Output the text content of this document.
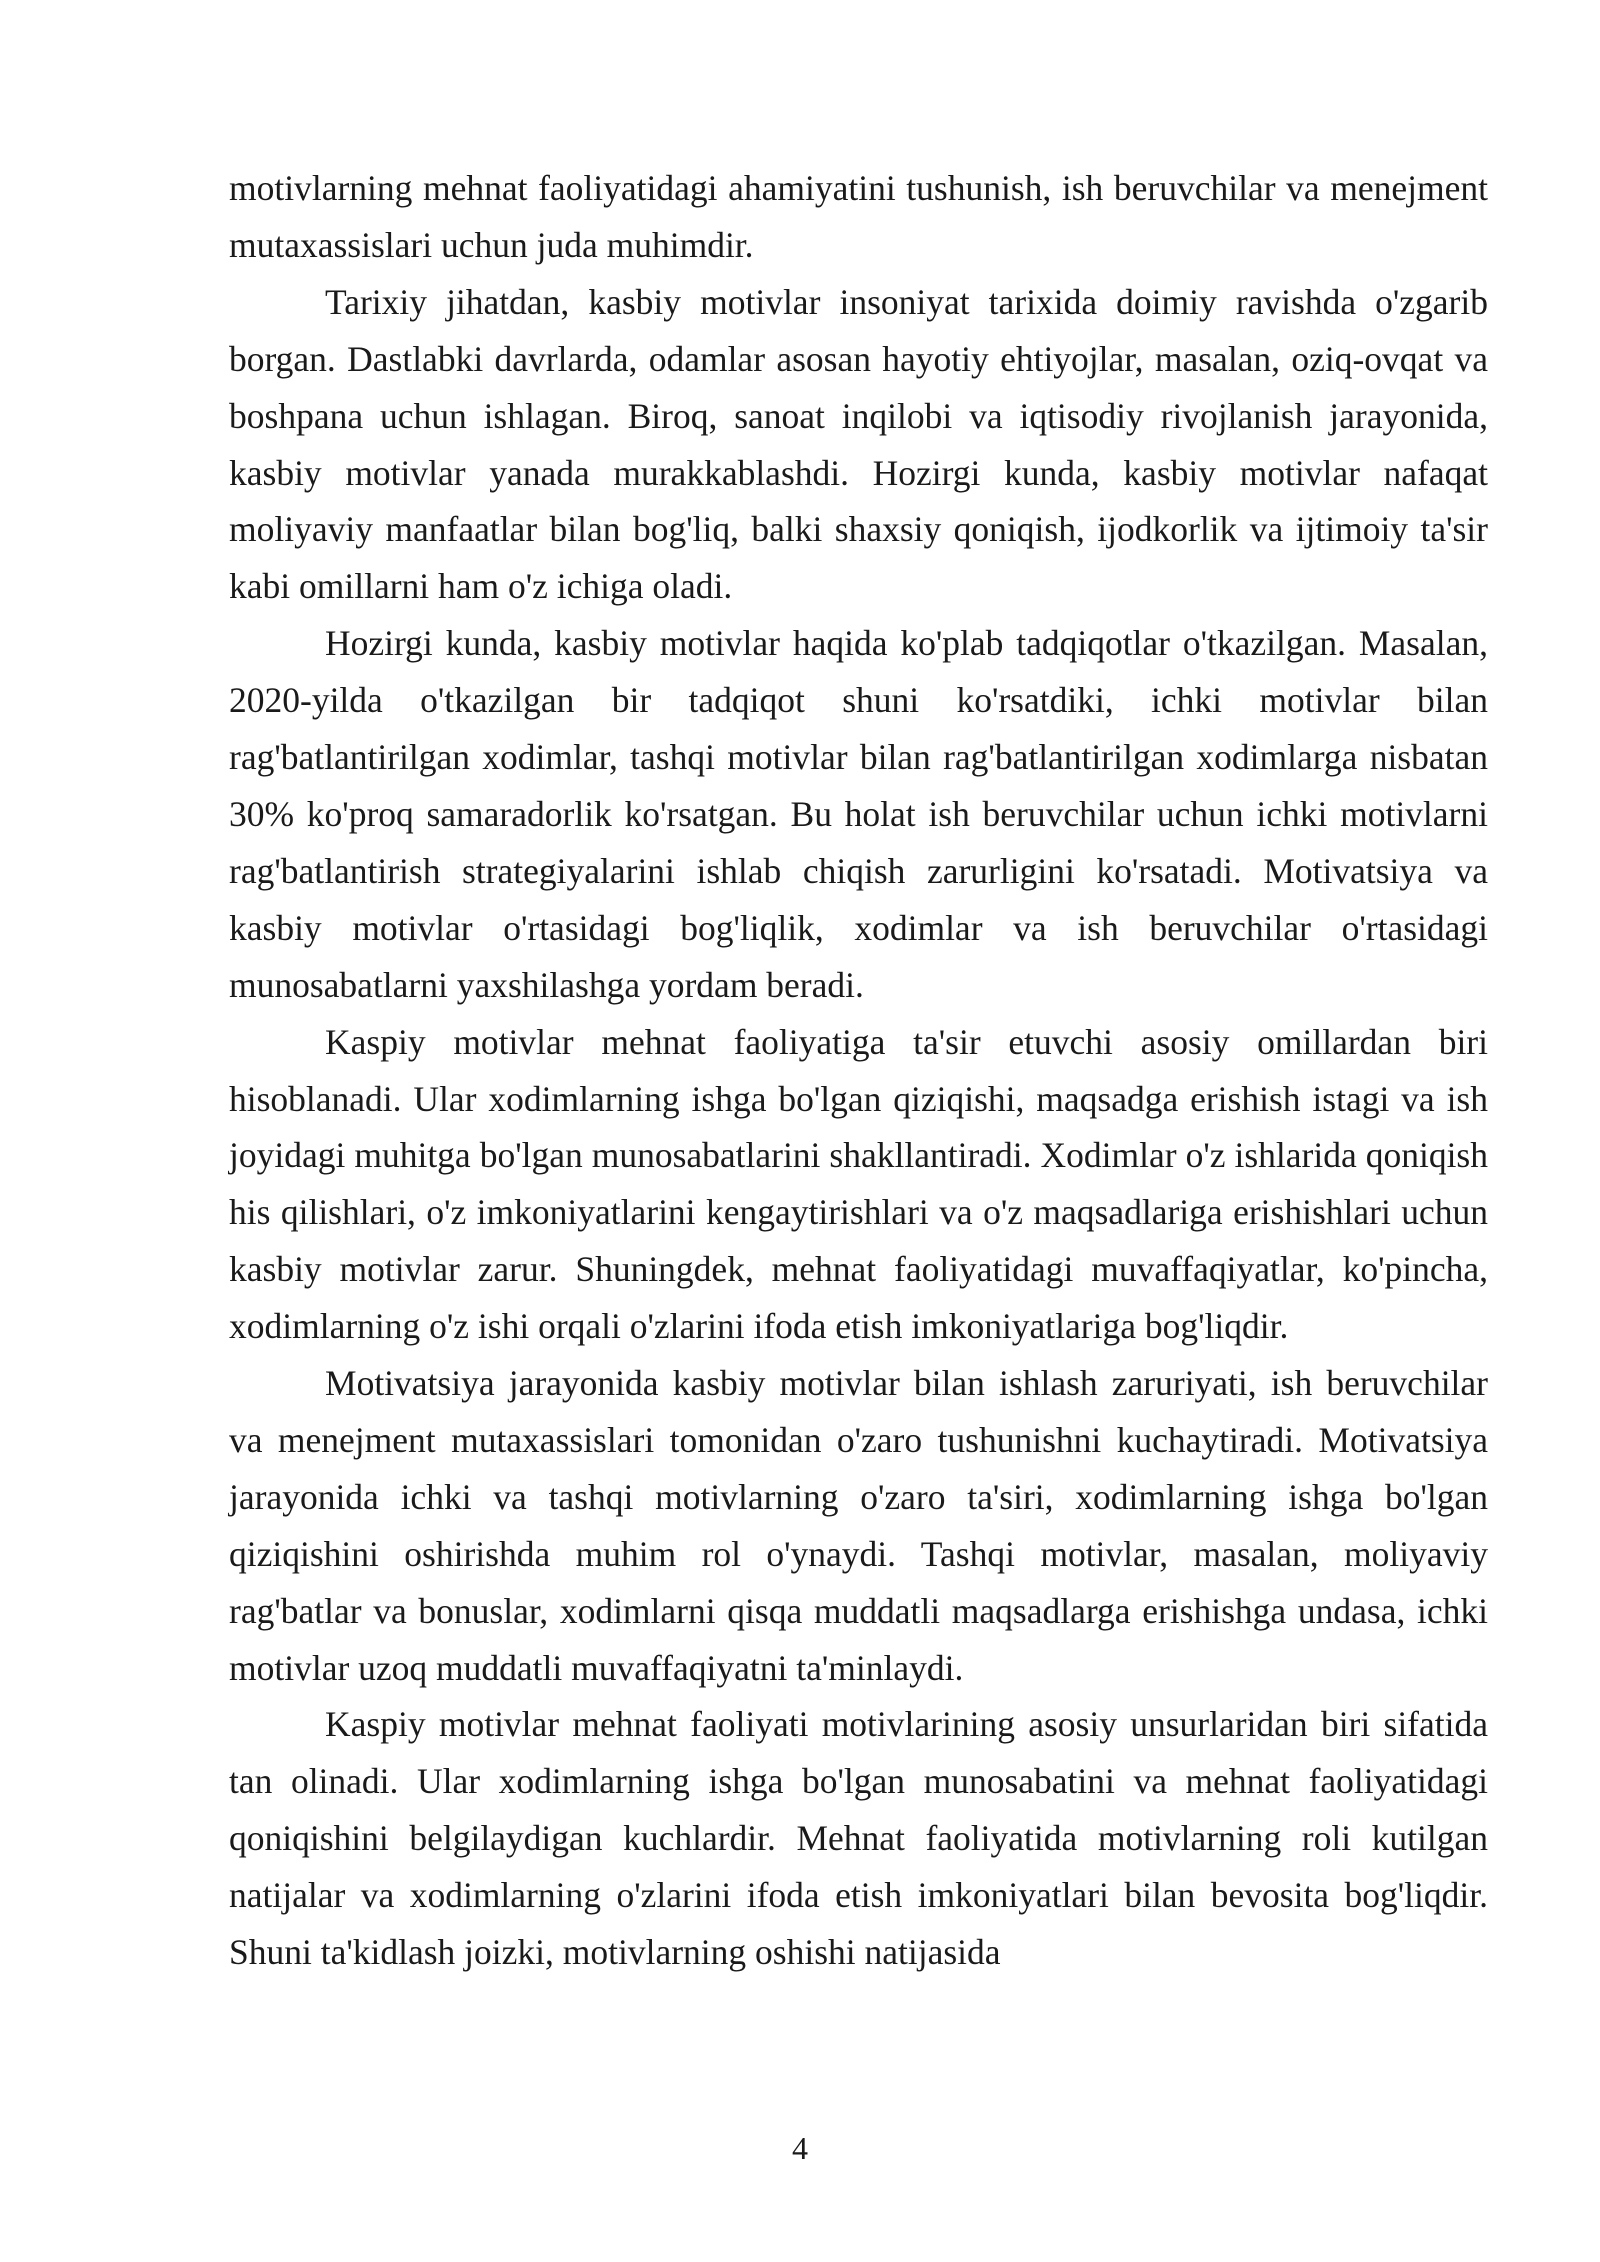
motivlarning mehnat faoliyatidagi ahamiyatini tushunish, ish beruvchilar va menejment mutaxassislari uchun juda muhimdir.

Tarixiy jihatdan, kasbiy motivlar insoniyat tarixida doimiy ravishda o'zgarib borgan. Dastlabki davrlarda, odamlar asosan hayotiy ehtiyojlar, masalan, oziq-ovqat va boshpana uchun ishlagan. Biroq, sanoat inqilobi va iqtisodiy rivojlanish jarayonida, kasbiy motivlar yanada murakkablashdi. Hozirgi kunda, kasbiy motivlar nafaqat moliyaviy manfaatlar bilan bog'liq, balki shaxsiy qoniqish, ijodkorlik va ijtimoiy ta'sir kabi omillarni ham o'z ichiga oladi.

Hozirgi kunda, kasbiy motivlar haqida ko'plab tadqiqotlar o'tkazilgan. Masalan, 2020-yilda o'tkazilgan bir tadqiqot shuni ko'rsatdiki, ichki motivlar bilan rag'batlantirilgan xodimlar, tashqi motivlar bilan rag'batlantirilgan xodimlarga nisbatan 30% ko'proq samaradorlik ko'rsatgan. Bu holat ish beruvchilar uchun ichki motivlarni rag'batlantirish strategiyalarini ishlab chiqish zarurligini ko'rsatadi. Motivatsiya va kasbiy motivlar o'rtasidagi bog'liqlik, xodimlar va ish beruvchilar o'rtasidagi munosabatlarni yaxshilashga yordam beradi.

Kaspiy motivlar mehnat faoliyatiga ta'sir etuvchi asosiy omillardan biri hisoblanadi. Ular xodimlarning ishga bo'lgan qiziqishi, maqsadga erishish istagi va ish joyidagi muhitga bo'lgan munosabatlarini shakllantiradi. Xodimlar o'z ishlarida qoniqish his qilishlari, o'z imkoniyatlarini kengaytirishlari va o'z maqsadlariga erishishlari uchun kasbiy motivlar zarur. Shuningdek, mehnat faoliyatidagi muvaffaqiyatlar, ko'pincha, xodimlarning o'z ishi orqali o'zlarini ifoda etish imkoniyatlariga bog'liqdir.

Motivatsiya jarayonida kasbiy motivlar bilan ishlash zaruriyati, ish beruvchilar va menejment mutaxassislari tomonidan o'zaro tushunishni kuchaytiradi. Motivatsiya jarayonida ichki va tashqi motivlarning o'zaro ta'siri, xodimlarning ishga bo'lgan qiziqishini oshirishda muhim rol o'ynaydi. Tashqi motivlar, masalan, moliyaviy rag'batlar va bonuslar, xodimlarni qisqa muddatli maqsadlarga erishishga undasa, ichki motivlar uzoq muddatli muvaffaqiyatni ta'minlaydi.

Kaspiy motivlar mehnat faoliyati motivlarining asosiy unsurlaridan biri sifatida tan olinadi. Ular xodimlarning ishga bo'lgan munosabatini va mehnat faoliyatidagi qoniqishini belgilaydigan kuchlardir. Mehnat faoliyatida motivlarning roli kutilgan natijalar va xodimlarning o'zlarini ifoda etish imkoniyatlari bilan bevosita bog'liqdir. Shuni ta'kidlash joizki, motivlarning oshishi natijasida

4
